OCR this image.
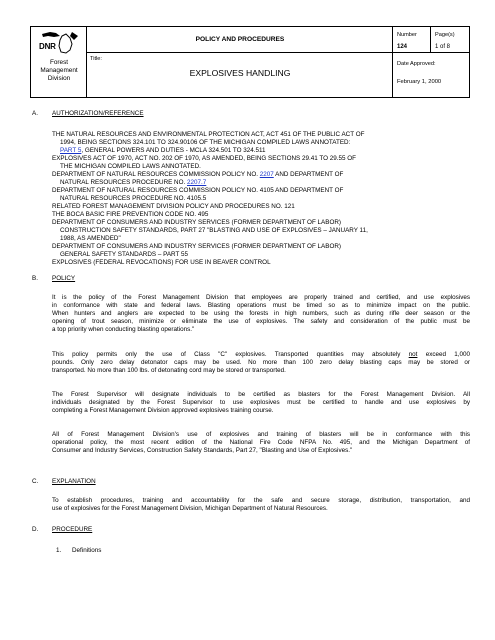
DNR
Forest
Management
Division
POLICY AND PROCEDURES
Title:
EXPLOSIVES HANDLING
Number
124
Page(s)
1 of 8
Date Approved:
February 1, 2000
A. AUTHORIZATION/REFERENCE
THE NATURAL RESOURCES AND ENVIRONMENTAL PROTECTION ACT, ACT 451 OF THE PUBLIC ACT OF
1994, BEING SECTIONS 324.101 TO 324.90106 OF THE MICHIGAN COMPILED LAWS ANNOTATED:
PART 5, GENERAL POWERS AND DUTIES - MCLA 324.501 TO 324.511
EXPLOSIVES ACT OF 1970, ACT NO. 202 OF 1970, AS AMENDED, BEING SECTIONS 29.41 TO 29.55 OF
THE MICHIGAN COMPILED LAWS ANNOTATED.
DEPARTMENT OF NATURAL RESOURCES COMMISSION POLICY NO. 2207 AND DEPARTMENT OF
NATURAL RESOURCES PROCEDURE NO. 2207.7
DEPARTMENT OF NATURAL RESOURCES COMMISSION POLICY NO. 4105 AND DEPARTMENT OF
NATURAL RESOURCES PROCEDURE NO. 4105.5
RELATED FOREST MANAGEMENT DIVISION POLICY AND PROCEDURES NO. 121
THE BOCA BASIC FIRE PREVENTION CODE NO. 495
DEPARTMENT OF CONSUMERS AND INDUSTRY SERVICES (FORMER DEPARTMENT OF LABOR)
CONSTRUCTION SAFETY STANDARDS, PART 27 "BLASTING AND USE OF EXPLOSIVES – JANUARY 11,
1988, AS AMENDED"
DEPARTMENT OF CONSUMERS AND INDUSTRY SERVICES (FORMER DEPARTMENT OF LABOR)
GENERAL SAFETY STANDARDS – PART 55
EXPLOSIVES (FEDERAL REVOCATIONS) FOR USE IN BEAVER CONTROL
B. POLICY
It is the policy of the Forest Management Division that employees are properly trained and certified, and use explosives
in conformance with state and federal laws. Blasting operations must be timed so as to minimize impact on the public.
When hunters and anglers are expected to be using the forests in high numbers, such as during rifle deer season or the
opening of trout season, minimize or eliminate the use of explosives. The safety and consideration of the public must be
a top priority when conducting blasting operations."
This policy permits only the use of Class "C" explosives. Transported quantities may absolutely not exceed 1,000
pounds. Only zero delay detonator caps may be used. No more than 100 zero delay blasting caps may be stored or
transported. No more than 100 lbs. of detonating cord may be stored or transported.
The Forest Supervisor will designate individuals to be certified as blasters for the Forest Management Division. All
individuals designated by the Forest Supervisor to use explosives must be certified to handle and use explosives by
completing a Forest Management Division approved explosives training course.
All of Forest Management Division's use of explosives and training of blasters will be in conformance with this
operational policy, the most recent edition of the National Fire Code NFPA No. 495, and the Michigan Department of
Consumer and Industry Services, Construction Safety Standards, Part 27, "Blasting and Use of Explosives."
C. EXPLANATION
To establish procedures, training and accountability for the safe and secure storage, distribution, transportation, and
use of explosives for the Forest Management Division, Michigan Department of Natural Resources.
D. PROCEDURE
1. Definitions
